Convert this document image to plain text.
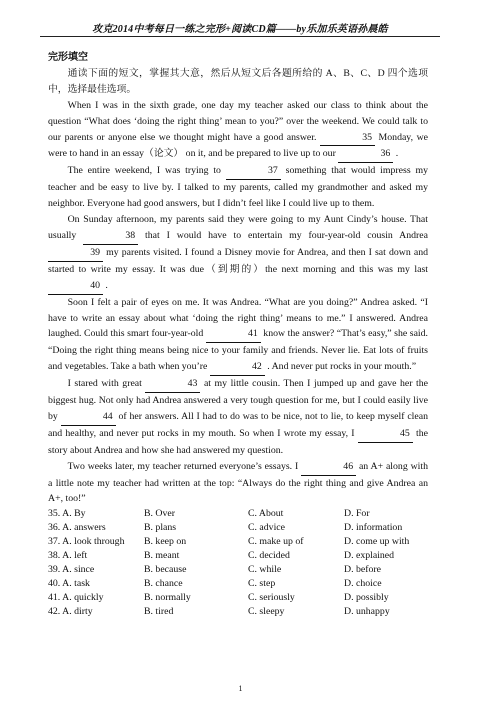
攻克2014中考每日一练之完形+阅读CD篇——by乐加乐英语孙晨皓
完形填空

通读下面的短文，掌握其大意，然后从短文后各题所给的 A、B、C、D 四个选项中，选择最佳选项。

When I was in the sixth grade, one day my teacher asked our class to think about the question “What does ‘doing the right thing’ mean to you?” over the weekend. We could talk to our parents or anyone else we thought might have a good answer.	35 Monday, we were to hand in an essay（论文） on it, and be prepared to live up to our	36 .

The entire weekend, I was trying to	37 something that would impress my teacher and be easy to live by. I talked to my parents, called my grandmother and asked my neighbor. Everyone had good answers, but I didn’t feel like I could live up to them.

On Sunday afternoon, my parents said they were going to my Aunt Cindy’s house. That usually	38 that I would have to entertain my four-year-old cousin Andrea 39 my parents visited. I found a Disney movie for Andrea, and then I sat down and started to write my essay. It was due（到期的）the next morning and this was my last 40 .

Soon I felt a pair of eyes on me. It was Andrea. “What are you doing?” Andrea asked. “I have to write an essay about what ‘doing the right thing’ means to me.” I answered. Andrea laughed. Could this smart four-year-old	41 know the answer? “That’s easy,” she said. “Doing the right thing means being nice to your family and friends. Never lie. Eat lots of fruits and vegetables. Take a bath when you’re	42 . And never put rocks in your mouth.”

I stared with great	43 at my little cousin. Then I jumped up and gave her the biggest hug. Not only had Andrea answered a very tough question for me, but I could easily live by	44 of her answers. All I had to do was to be nice, not to lie, to keep myself clean and healthy, and never put rocks in my mouth. So when I wrote my essay, I	45 the story about Andrea and how she had answered my question.

Two weeks later, my teacher returned everyone’s essays. I	46 an A+ along with a little note my teacher had written at the top: “Always do the right thing and give Andrea an A+, too!”

35. A. By	B. Over	C. About	D. For
36. A. answers	B. plans	C. advice	D. information
37. A. look through	B. keep on	C. make up of	D. come up with
38. A. left	B. meant	C. decided	D. explained
39. A. since	B. because	C. while	D. before
40. A. task	B. chance	C. step	D. choice
41. A. quickly	B. normally	C. seriously	D. possibly
42. A. dirty	B. tired	C. sleepy	D. unhappy
1
